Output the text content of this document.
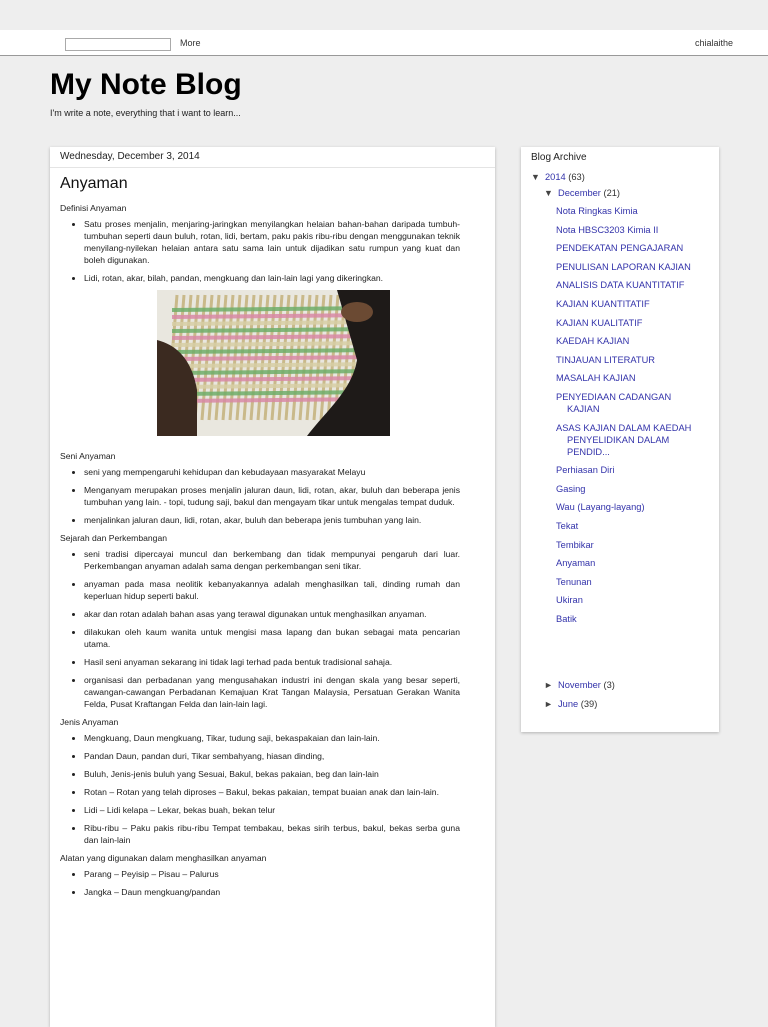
More	chialaithe
My Note Blog
I'm write a note, everything that i want to learn...
Wednesday, December 3, 2014
Anyaman

Definisi Anyaman

• Satu proses menjalin, menjaring-jaringkan menyilangkan helaian bahan-bahan daripada tumbuh-tumbuhan seperti daun buluh, rotan, lidi, bertam, paku pakis ribu-ribu dengan menggunakan teknik menyilang-nyilekan helaian antara satu sama lain untuk dijadikan satu rumpun yang kuat dan boleh digunakan.
• Lidi, rotan, akar, bilah, pandan, mengkuang dan lain-lain lagi yang dikeringkan.

Seni Anyaman

• seni yang mempengaruhi kehidupan dan kebudayaan masyarakat Melayu
• Menganyam merupakan proses menjalin jaluran daun, lidi, rotan, akar, buluh dan beberapa jenis tumbuhan yang lain. - topi, tudung saji, bakul dan mengayam tikar untuk mengalas tempat duduk.
• menjalinkan jaluran daun, lidi, rotan, akar, buluh dan beberapa jenis tumbuhan yang lain.

Sejarah dan Perkembangan

• seni tradisi dipercayai muncul dan berkembang dan tidak mempunyai pengaruh dari luar. Perkembangan anyaman adalah sama dengan perkembangan seni tikar.
• anyaman pada masa neolitik kebanyakannya adalah menghasilkan tali, dinding rumah dan keperluan hidup seperti bakul.
• akar dan rotan adalah bahan asas yang terawal digunakan untuk menghasilkan anyaman.
• dilakukan oleh kaum wanita untuk mengisi masa lapang dan bukan sebagai mata pencarian utama.
• Hasil seni anyaman sekarang ini tidak lagi terhad pada bentuk tradisional sahaja.
• organisasi dan perbadanan yang mengusahakan industri ini dengan skala yang besar seperti, cawangan-cawangan Perbadanan Kemajuan Krat Tangan Malaysia, Persatuan Gerakan Wanita Felda, Pusat Kraftangan Felda dan lain-lain lagi.

Jenis Anyaman

• Mengkuang, Daun mengkuang, Tikar, tudung saji, bekaspakaian dan lain-lain.
• Pandan Daun, pandan duri, Tikar sembahyang, hiasan dinding,
• Buluh, Jenis-jenis buluh yang Sesuai, Bakul, bekas pakaian, beg dan lain-lain
• Rotan – Rotan yang telah diproses – Bakul, bekas pakaian, tempat buaian anak dan lain-lain.
• Lidi – Lidi kelapa – Lekar, bekas buah, bekan telur
• Ribu-ribu – Paku pakis ribu-ribu Tempat tembakau, bekas sirih terbus, bakul, bekas serba guna dan lain-lain

Alatan yang digunakan dalam menghasilkan anyaman

• Parang – Peyisip – Pisau – Palurus
• Jangka – Daun mengkuang/pandan
Blog Archive
▼ 2014 (63)
▼ December (21)
Nota Ringkas Kimia
Nota HBSC3203 Kimia II
PENDEKATAN PENGAJARAN
PENULISAN LAPORAN KAJIAN
ANALISIS DATA KUANTITATIF
KAJIAN KUANTITATIF
KAJIAN KUALITATIF
KAEDAH KAJIAN
TINJAUAN LITERATUR
MASALAH KAJIAN
PENYEDIAAN CADANGAN KAJIAN
ASAS KAJIAN DALAM KAEDAH PENYELIDIKAN DALAM PENDID...
Perhiasan Diri
Gasing
Wau (Layang-layang)
Tekat
Tembikar
Anyaman
Tenunan
Ukiran
Batik
► November (3)
► June (39)
